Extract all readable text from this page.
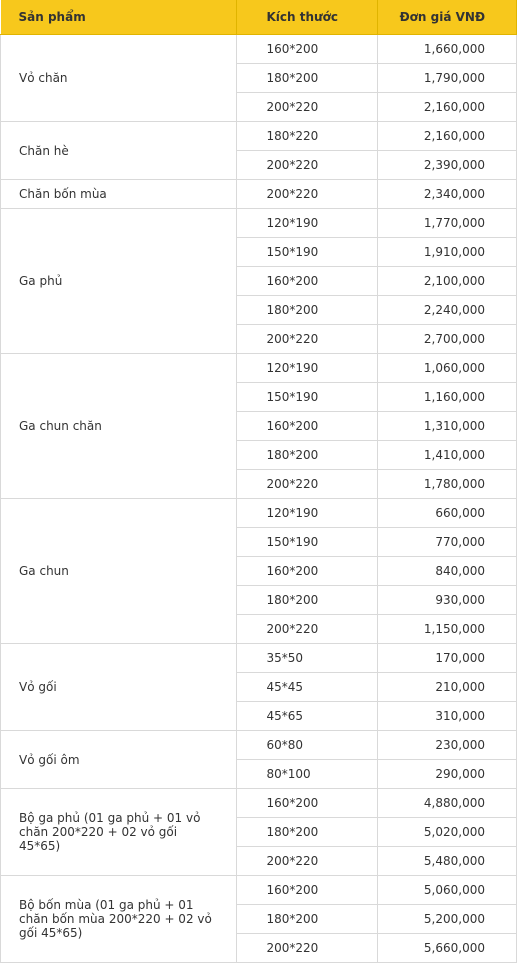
Sản phẩm	Kích thước	Đơn giá VNĐ
Vỏ chăn	160*200	1,660,000
	180*200	1,790,000
	200*220	2,160,000
Chăn hè	180*220	2,160,000
	200*220	2,390,000
Chăn bốn mùa	200*220	2,340,000
Ga phủ	120*190	1,770,000
	150*190	1,910,000
	160*200	2,100,000
	180*200	2,240,000
	200*220	2,700,000
Ga chun chăn	120*190	1,060,000
	150*190	1,160,000
	160*200	1,310,000
	180*200	1,410,000
	200*220	1,780,000
Ga chun	120*190	660,000
	150*190	770,000
	160*200	840,000
	180*200	930,000
	200*220	1,150,000
Vỏ gối	35*50	170,000
	45*45	210,000
	45*65	310,000
Vỏ gối ôm	60*80	230,000
	80*100	290,000
Bộ ga phủ (01 ga phủ + 01 vỏ chăn 200*220 + 02 vỏ gối 45*65)	160*200	4,880,000
	180*200	5,020,000
	200*220	5,480,000
Bộ bốn mùa (01 ga phủ + 01 chăn bốn mùa 200*220 + 02 vỏ gối 45*65)	160*200	5,060,000
	180*200	5,200,000
	200*220	5,660,000
